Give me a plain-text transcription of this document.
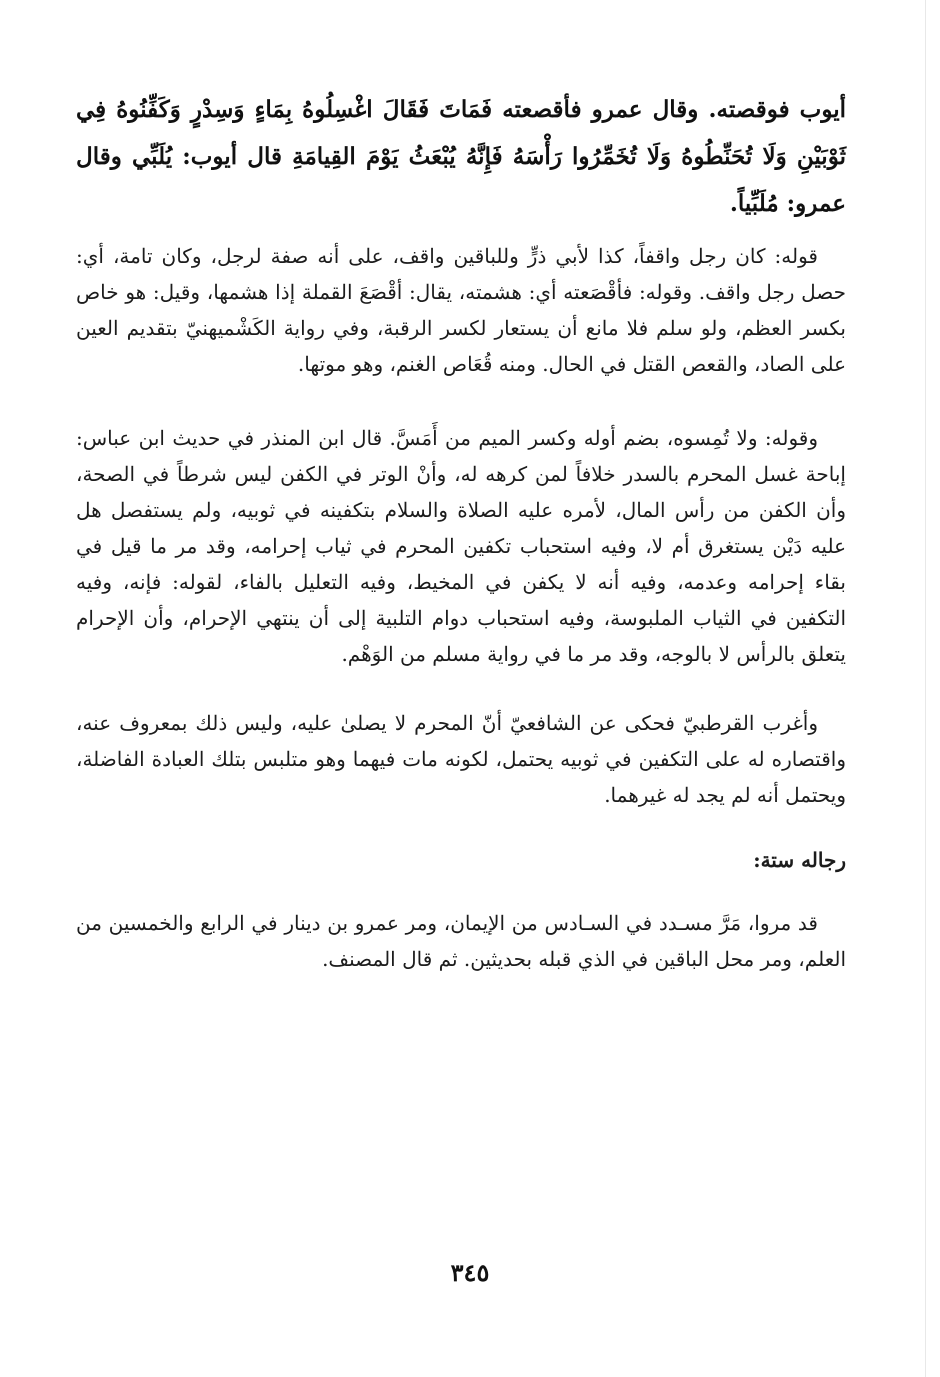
أيوب فوقصته. وقال عمرو فأقصعته فَمَاتَ فَقَالَ اغْسِلُوهُ بِمَاءٍ وَسِدْرٍ وَكَفِّنُوهُ فِي ثَوْبَيْنِ وَلَا تُحَنِّطُوهُ وَلَا تُخَمِّرُوا رَأْسَهُ فَإِنَّهُ يُبْعَثُ يَوْمَ القِيامَةِ قال أيوب: يُلَبِّي وقال عمرو: مُلَبِّياً.

قوله: كان رجل واقفاً، كذا لأبي ذرٍّ وللباقين واقف، على أنه صفة لرجل، وكان تامة، أي: حصل رجل واقف. وقوله: فأقْصَعته أي: هشمته، يقال: أقْصَعَ القملة إذا هشمها، وقيل: هو خاص بكسر العظم، ولو سلم فلا مانع أن يستعار لكسر الرقبة، وفي رواية الكَشْميهنيّ بتقديم العين على الصاد، والقعص القتل في الحال. ومنه قُعَاص الغنم، وهو موتها.

وقوله: ولا تُمِسوه، بضم أوله وكسر الميم من أَمَسَّ. قال ابن المنذر في حديث ابن عباس: إباحة غسل المحرم بالسدر خلافاً لمن كرهه له، وأنْ الوتر في الكفن ليس شرطاً في الصحة، وأن الكفن من رأس المال، لأمره عليه الصلاة والسلام بتكفينه في ثوبيه، ولم يستفصل هل عليه دَيْن يستغرق أم لا، وفيه استحباب تكفين المحرم في ثياب إحرامه، وقد مر ما قيل في بقاء إحرامه وعدمه، وفيه أنه لا يكفن في المخيط، وفيه التعليل بالفاء، لقوله: فإنه، وفيه التكفين في الثياب الملبوسة، وفيه استحباب دوام التلبية إلى أن ينتهي الإحرام، وأن الإحرام يتعلق بالرأس لا بالوجه، وقد مر ما في رواية مسلم من الوَهْم.

وأغرب القرطبيّ فحكى عن الشافعيّ أنّ المحرم لا يصلىٰ عليه، وليس ذلك بمعروف عنه، واقتصاره له على التكفين في ثوبيه يحتمل، لكونه مات فيهما وهو متلبس بتلك العبادة الفاضلة، ويحتمل أنه لم يجد له غيرهما.

رجاله ستة:

قد مروا، مَرَّ مسـدد في السـادس من الإيمان، ومر عمرو بن دينار في الرابع والخمسين من العلم، ومر محل الباقين في الذي قبله بحديثين. ثم قال المصنف.

٣٤٥
